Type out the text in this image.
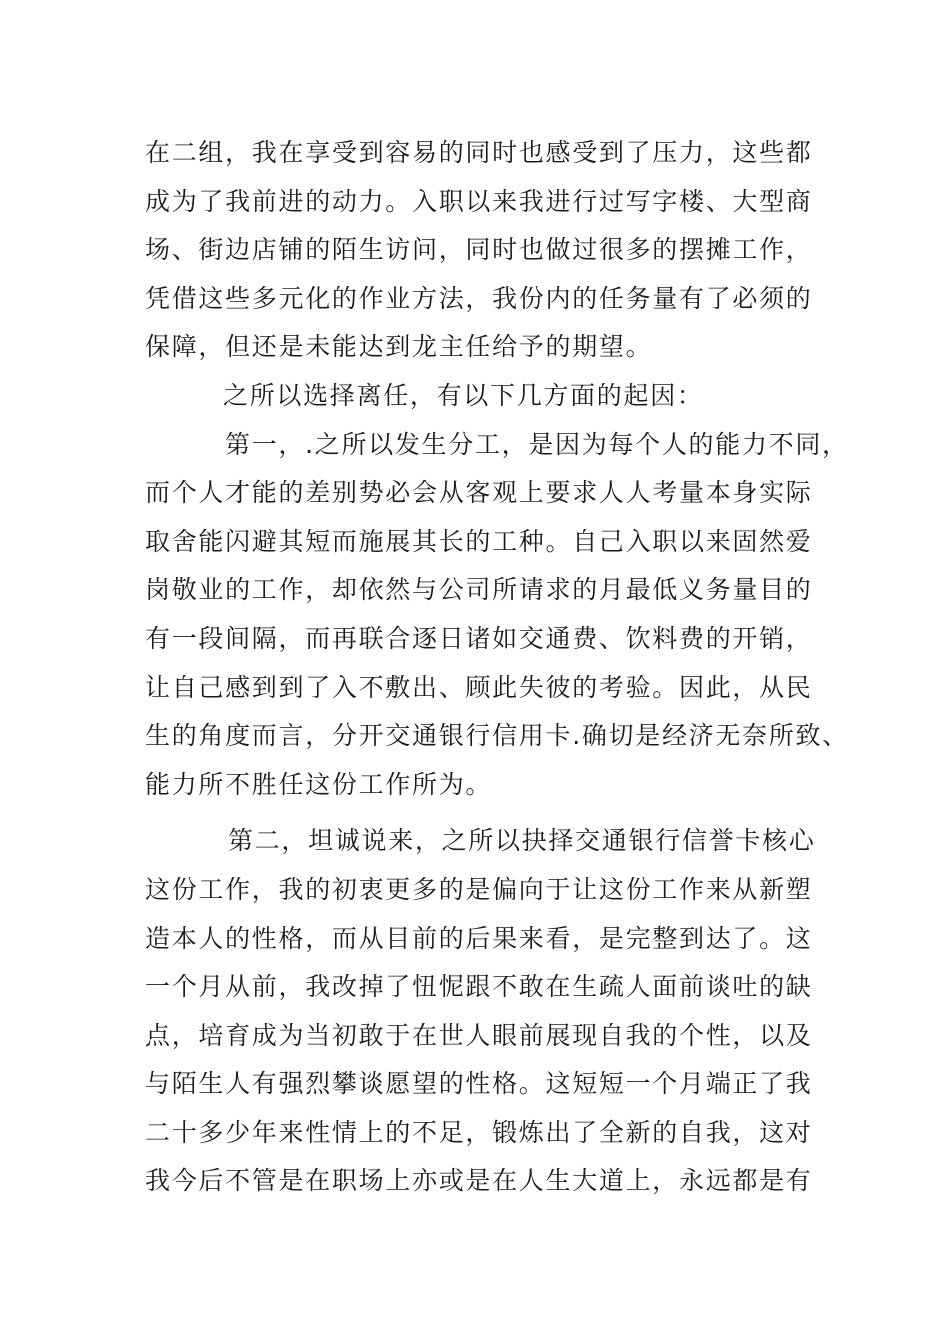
在二组，我在享受到容易的同时也感受到了压力，这些都
成为了我前进的动力。入职以来我进行过写字楼、大型商
场、街边店铺的陌生访问，同时也做过很多的摆摊工作，
凭借这些多元化的作业方法，我份内的任务量有了必须的
保障，但还是未能达到龙主任给予的期望。
之所以选择离任，有以下几方面的起因：
第一，.之所以发生分工，是因为每个人的能力不同，
而个人才能的差别势必会从客观上要求人人考量本身实际
取舍能闪避其短而施展其长的工种。自己入职以来固然爱
岗敬业的工作，却依然与公司所请求的月最低义务量目的
有一段间隔，而再联合逐日诸如交通费、饮料费的开销，
让自己感到到了入不敷出、顾此失彼的考验。因此，从民
生的角度而言，分开交通银行信用卡.确切是经济无奈所致、
能力所不胜任这份工作所为。
第二，坦诚说来，之所以抉择交通银行信誉卡核心
这份工作，我的初衷更多的是偏向于让这份工作来从新塑
造本人的性格，而从目前的后果来看，是完整到达了。这
一个月从前，我改掉了忸怩跟不敢在生疏人面前谈吐的缺
点，培育成为当初敢于在世人眼前展现自我的个性，以及
与陌生人有强烈攀谈愿望的性格。这短短一个月端正了我
二十多少年来性情上的不足，锻炼出了全新的自我，这对
我今后不管是在职场上亦或是在人生大道上，永远都是有
